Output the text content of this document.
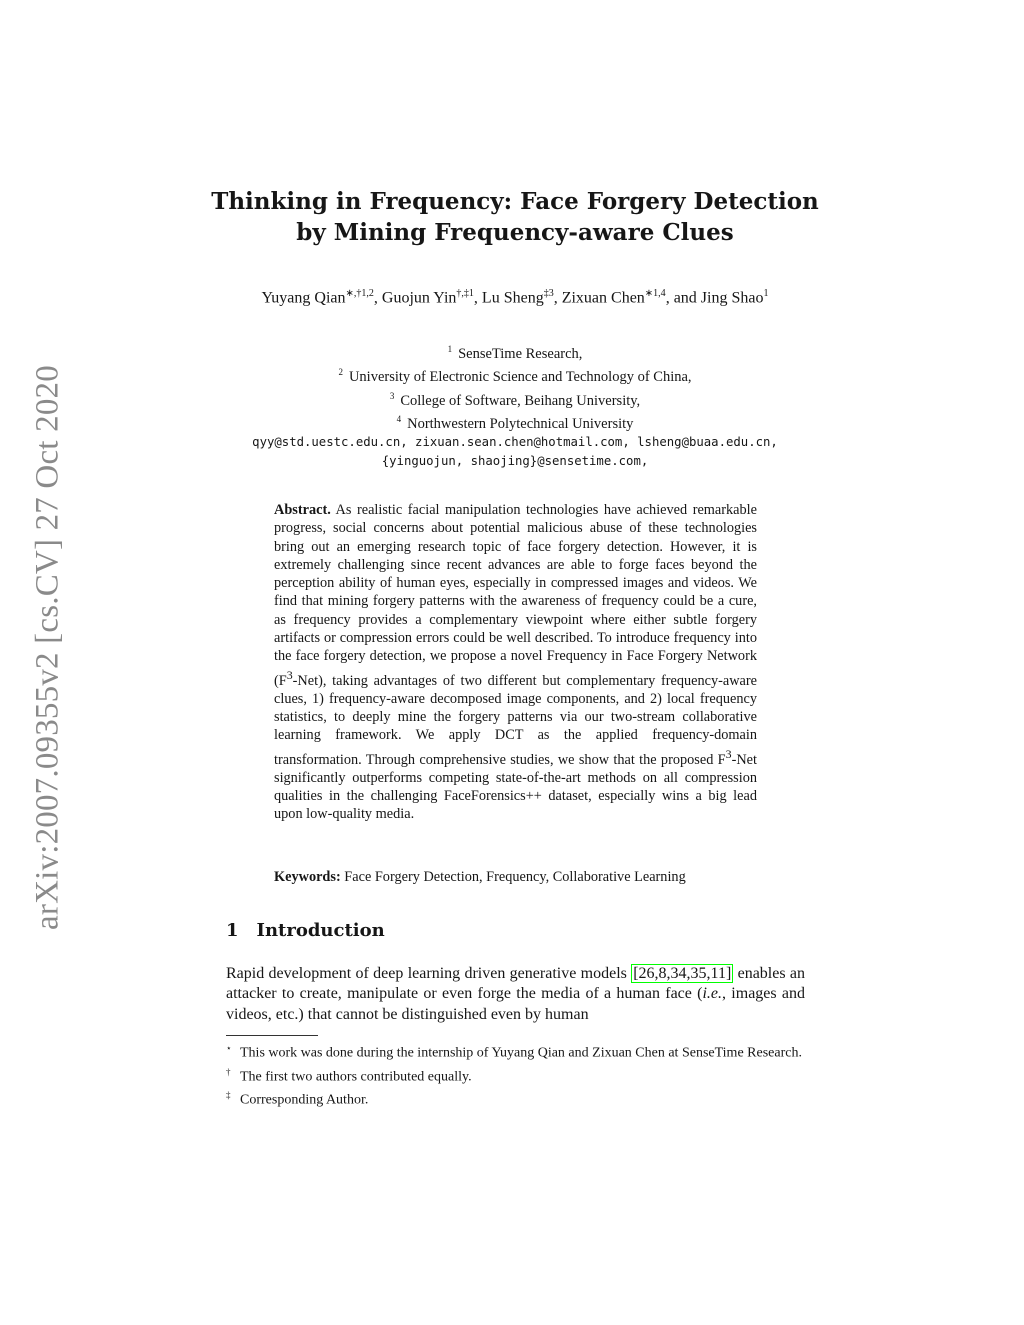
arXiv:2007.09355v2 [cs.CV] 27 Oct 2020
Thinking in Frequency: Face Forgery Detection
by Mining Frequency-aware Clues
Yuyang Qian$^{∗,\dagger 1,2}$, Guojun Yin$^{\dagger,\ddagger 1}$, Lu Sheng$^{\ddagger 3}$, Zixuan Chen$^{∗1,4}$, and Jing Shao$^1$
$^1$ SenseTime Research,
$^2$ University of Electronic Science and Technology of China,
$^3$ College of Software, Beihang University,
$^4$ Northwestern Polytechnical University
qyy@std.uestc.edu.cn, zixuan.sean.chen@hotmail.com, lsheng@buaa.edu.cn,
{yinguojun, shaojing}@sensetime.com,
Abstract. As realistic facial manipulation technologies have achieved remarkable progress, social concerns about potential malicious abuse of these technologies bring out an emerging research topic of face forgery detection. However, it is extremely challenging since recent advances are able to forge faces beyond the perception ability of human eyes, especially in compressed images and videos. We find that mining forgery patterns with the awareness of frequency could be a cure, as frequency provides a complementary viewpoint where either subtle forgery artifacts or compression errors could be well described. To introduce frequency into the face forgery detection, we propose a novel Frequency in Face Forgery Network $(F^3-Net)$, taking advantages of two different but complementary frequency-aware clues, 1) frequency-aware decomposed image components, and 2) local frequency statistics, to deeply mine the forgery patterns via our two-stream collaborative learning framework. We apply DCT as the applied frequency-domain transformation. Through comprehensive studies, we show that the proposed $F^3$-Net significantly outperforms competing state-of-the-art methods on all compression qualities in the challenging FaceForensics++ dataset, especially wins a big lead upon low-quality media.
Keywords: Face Forgery Detection, Frequency, Collaborative Learning
1 Introduction
Rapid development of deep learning driven generative models [26,8,34,35,11] enables an attacker to create, manipulate or even forge the media of a human face (i.e., images and videos, etc.) that cannot be distinguished even by human
⋆ This work was done during the internship of Yuyang Qian and Zixuan Chen at SenseTime Research.
† The first two authors contributed equally.
‡ Corresponding Author.
